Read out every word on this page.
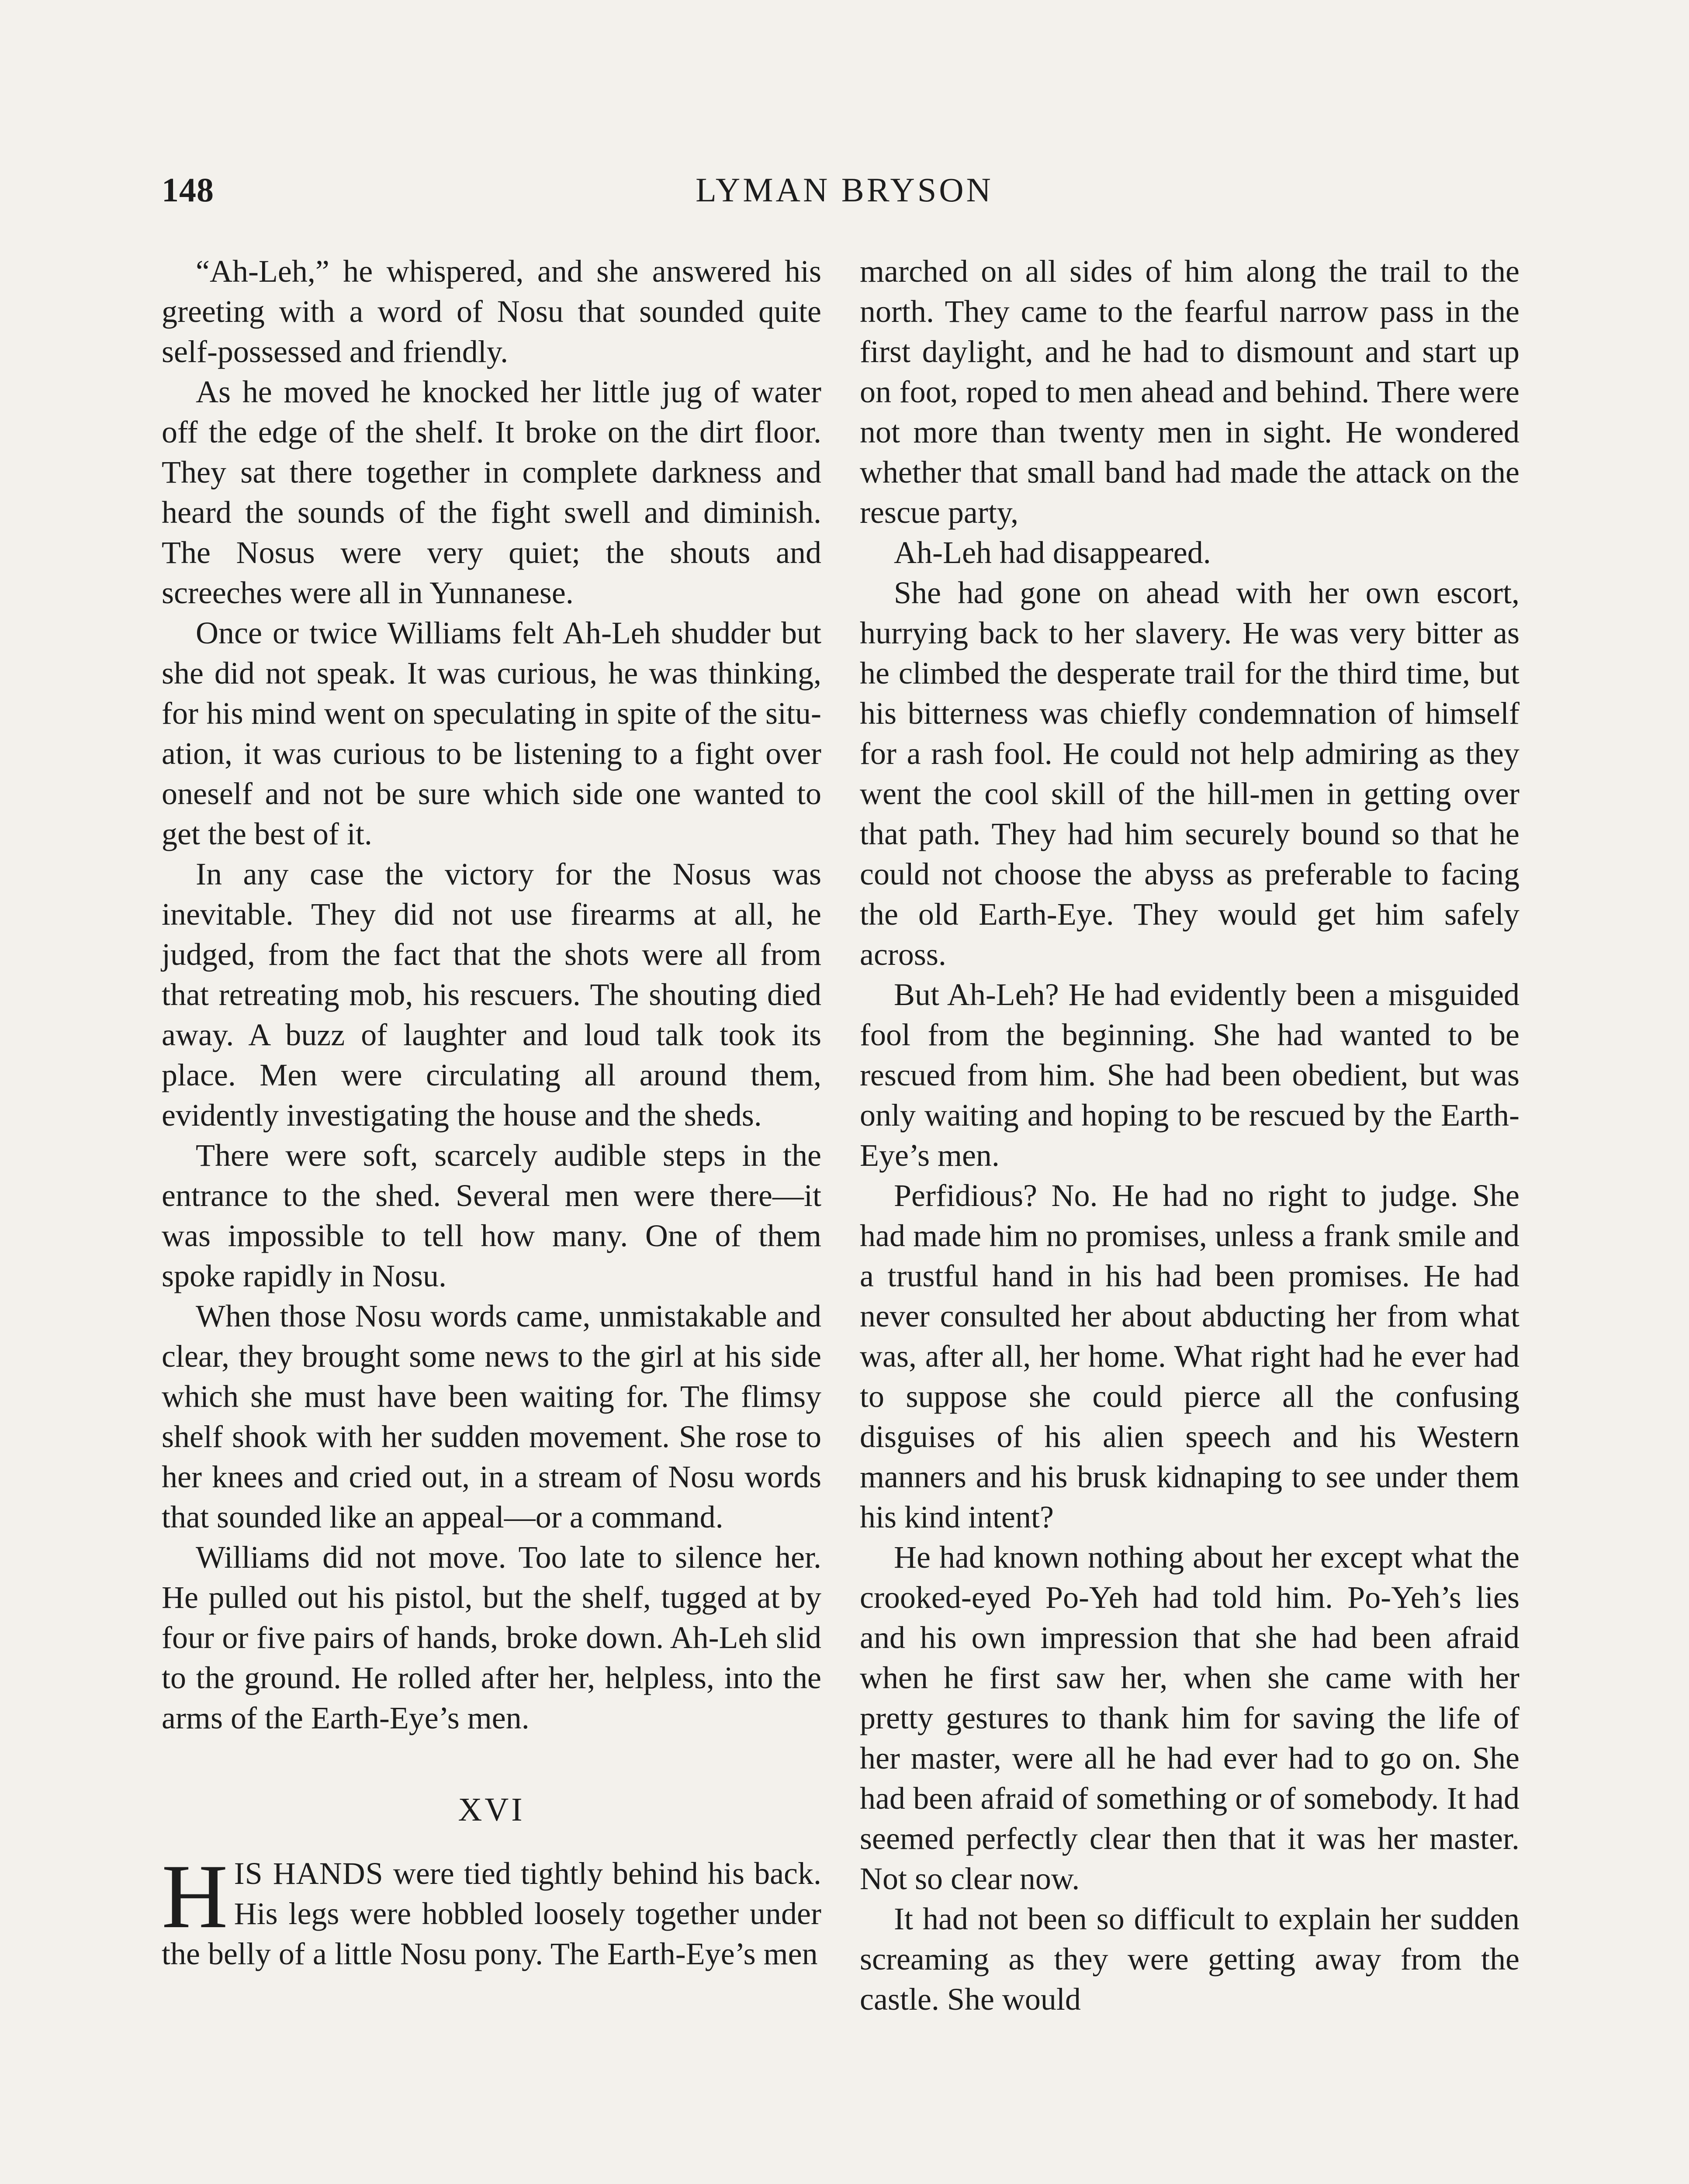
148	LYMAN BRYSON

“Ah-Leh,” he whispered, and she answered his greeting with a word of Nosu that sounded quite self-possessed and friendly.

As he moved he knocked her little jug of water off the edge of the shelf. It broke on the dirt floor. They sat there together in complete darkness and heard the sounds of the fight swell and diminish. The Nosus were very quiet; the shouts and screeches were all in Yunnanese.

Once or twice Williams felt Ah-Leh shudder but she did not speak. It was curious, he was thinking, for his mind went on speculating in spite of the situation, it was curious to be listening to a fight over oneself and not be sure which side one wanted to get the best of it.

In any case the victory for the Nosus was inevitable. They did not use firearms at all, he judged, from the fact that the shots were all from that retreating mob, his rescuers. The shouting died away. A buzz of laughter and loud talk took its place. Men were circulating all around them, evidently investigating the house and the sheds.

There were soft, scarcely audible steps in the entrance to the shed. Several men were there—it was impossible to tell how many. One of them spoke rapidly in Nosu.

When those Nosu words came, unmistakable and clear, they brought some news to the girl at his side which she must have been waiting for. The flimsy shelf shook with her sudden movement. She rose to her knees and cried out, in a stream of Nosu words that sounded like an appeal—or a command.

Williams did not move. Too late to silence her. He pulled out his pistol, but the shelf, tugged at by four or five pairs of hands, broke down. Ah-Leh slid to the ground. He rolled after her, helpless, into the arms of the Earth-Eye’s men.

XVI

HIS HANDS were tied tightly behind his back. His legs were hobbled loosely together under the belly of a little Nosu pony. The Earth-Eye’s men

marched on all sides of him along the trail to the north. They came to the fearful narrow pass in the first daylight, and he had to dismount and start up on foot, roped to men ahead and behind. There were not more than twenty men in sight. He wondered whether that small band had made the attack on the rescue party,

Ah-Leh had disappeared.

She had gone on ahead with her own escort, hurrying back to her slavery. He was very bitter as he climbed the desperate trail for the third time, but his bitterness was chiefly condemnation of himself for a rash fool. He could not help admiring as they went the cool skill of the hill-men in getting over that path. They had him securely bound so that he could not choose the abyss as preferable to facing the old Earth-Eye. They would get him safely across.

But Ah-Leh? He had evidently been a misguided fool from the beginning. She had wanted to be rescued from him. She had been obedient, but was only waiting and hoping to be rescued by the Earth-Eye’s men.

Perfidious? No. He had no right to judge. She had made him no promises, unless a frank smile and a trustful hand in his had been promises. He had never consulted her about abducting her from what was, after all, her home. What right had he ever had to suppose she could pierce all the confusing disguises of his alien speech and his Western manners and his brusk kidnaping to see under them his kind intent?

He had known nothing about her except what the crooked-eyed Po-Yeh had told him. Po-Yeh’s lies and his own impression that she had been afraid when he first saw her, when she came with her pretty gestures to thank him for saving the life of her master, were all he had ever had to go on. She had been afraid of something or of somebody. It had seemed perfectly clear then that it was her master. Not so clear now.

It had not been so difficult to explain her sudden screaming as they were getting away from the castle. She would
